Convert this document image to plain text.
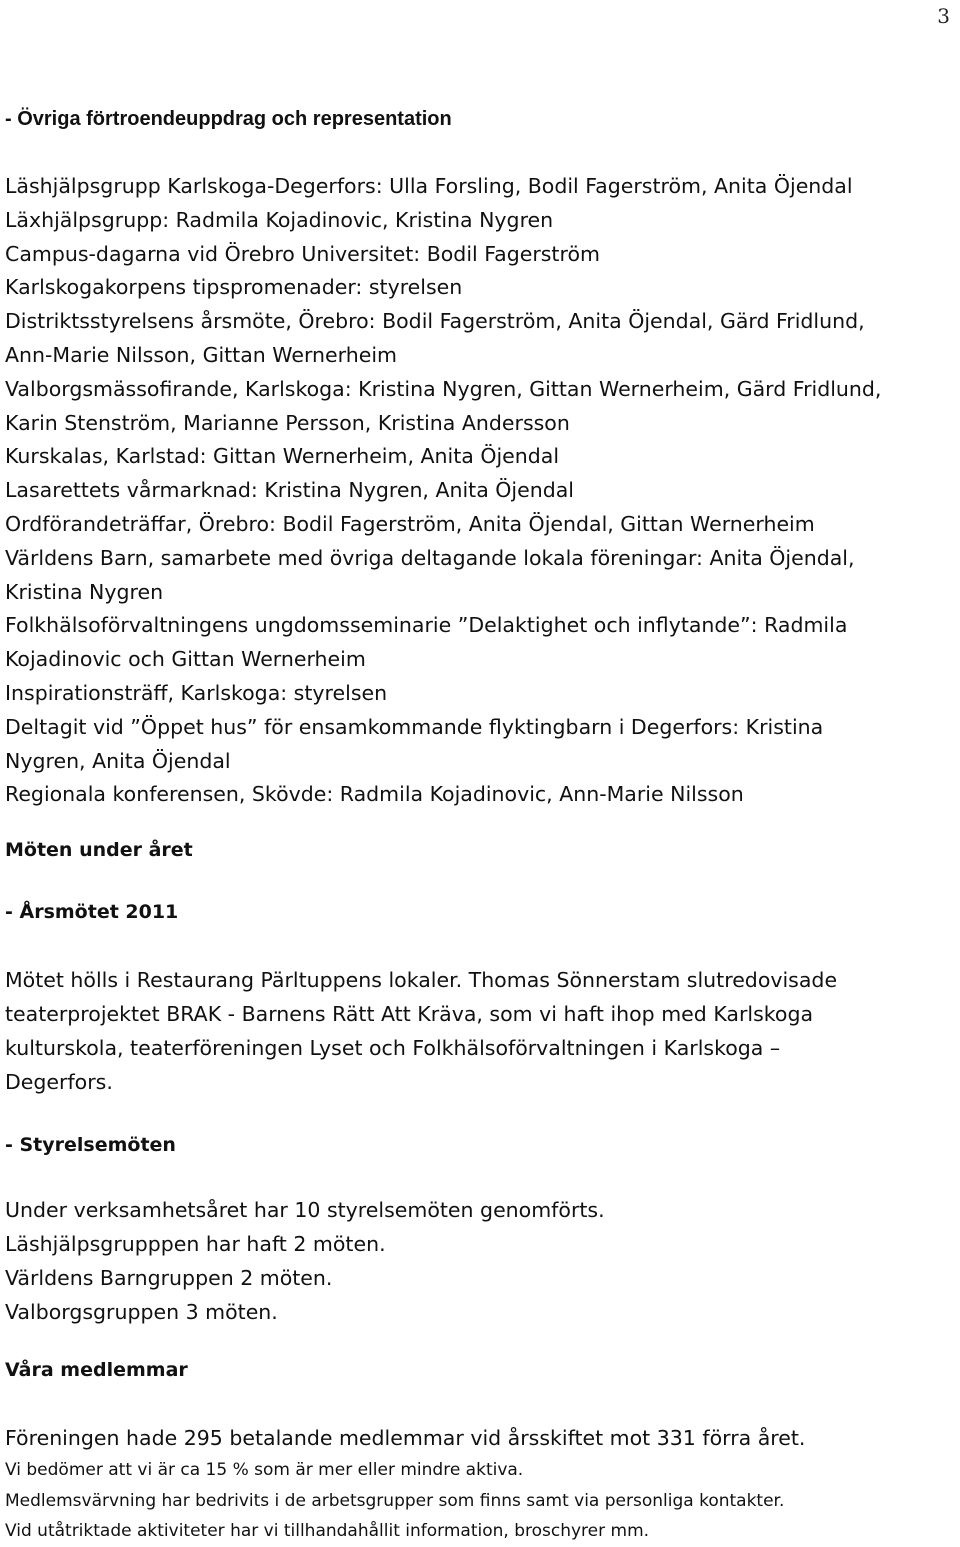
3
- Övriga förtroendeuppdrag och representation
Läshjälpsgrupp Karlskoga-Degerfors: Ulla Forsling, Bodil Fagerström, Anita Öjendal
Läxhjälpsgrupp: Radmila Kojadinovic, Kristina Nygren
Campus-dagarna vid Örebro Universitet: Bodil Fagerström
Karlskogakorpens tipspromenader: styrelsen
Distriktsstyrelsens årsmöte, Örebro: Bodil Fagerström, Anita Öjendal, Gärd Fridlund,
Ann-Marie Nilsson, Gittan Wernerheim
Valborgsmässofirande, Karlskoga: Kristina Nygren, Gittan Wernerheim, Gärd Fridlund,
Karin Stenström, Marianne Persson, Kristina Andersson
Kurskalas, Karlstad: Gittan Wernerheim, Anita Öjendal
Lasarettets vårmarknad: Kristina Nygren, Anita Öjendal
Ordförandeträffar, Örebro: Bodil Fagerström, Anita Öjendal, Gittan Wernerheim
Världens Barn, samarbete med övriga deltagande lokala föreningar: Anita Öjendal,
Kristina Nygren
Folkhälsoförvaltningens ungdomsseminarie ”Delaktighet och inflytande”: Radmila
Kojadinovic och Gittan Wernerheim
Inspirationsträff, Karlskoga: styrelsen
Deltagit vid ”Öppet hus” för ensamkommande flyktingbarn i Degerfors: Kristina
Nygren, Anita Öjendal
Regionala konferensen, Skövde: Radmila Kojadinovic, Ann-Marie Nilsson
Möten under året
- Årsmötet 2011
Mötet hölls i Restaurang Pärltuppens lokaler. Thomas Sönnerstam slutredovisade
teaterprojektet BRAK - Barnens Rätt Att Kräva, som vi haft ihop med Karlskoga
kulturskola, teaterföreningen Lyset och Folkhälsoförvaltningen i Karlskoga –
Degerfors.
- Styrelsemöten
Under verksamhetsåret har 10 styrelsemöten genomförts.
Läshjälpsgrupppen har haft 2 möten.
Världens Barngruppen 2 möten.
Valborgsgruppen 3 möten.
Våra medlemmar
Föreningen hade 295 betalande medlemmar vid årsskiftet mot 331 förra året.
Vi bedömer att vi är ca 15 % som är mer eller mindre aktiva.
Medlemsvärvning har bedrivits i de arbetsgrupper som finns samt via personliga kontakter.
Vid utåtriktade aktiviteter har vi tillhandahållit information, broschyrer mm.
